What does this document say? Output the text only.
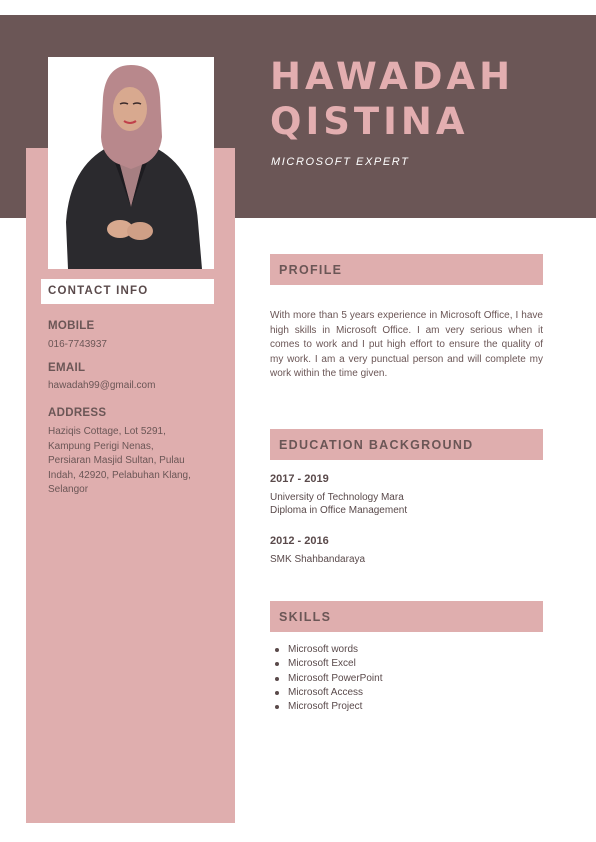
HAWADAH
QISTINA
MICROSOFT EXPERT
CONTACT INFO
MOBILE
016-7743937
EMAIL
hawadah99@gmail.com
ADDRESS
Haziqis Cottage, Lot 5291,
Kampung Perigi Nenas,
Persiaran Masjid Sultan, Pulau
Indah, 42920, Pelabuhan Klang,
Selangor
PROFILE
With more than 5 years experience in Microsoft Office, I have high skills in Microsoft Office. I am very serious when it comes to work and I put high effort to ensure the quality of my work. I am a very punctual person and will complete my work within the time given.
EDUCATION BACKGROUND
2017 - 2019
University of Technology Mara
Diploma in Office Management
2012 - 2016
SMK Shahbandaraya
SKILLS
Microsoft words
Microsoft Excel
Microsoft PowerPoint
Microsoft Access
Microsoft Project
